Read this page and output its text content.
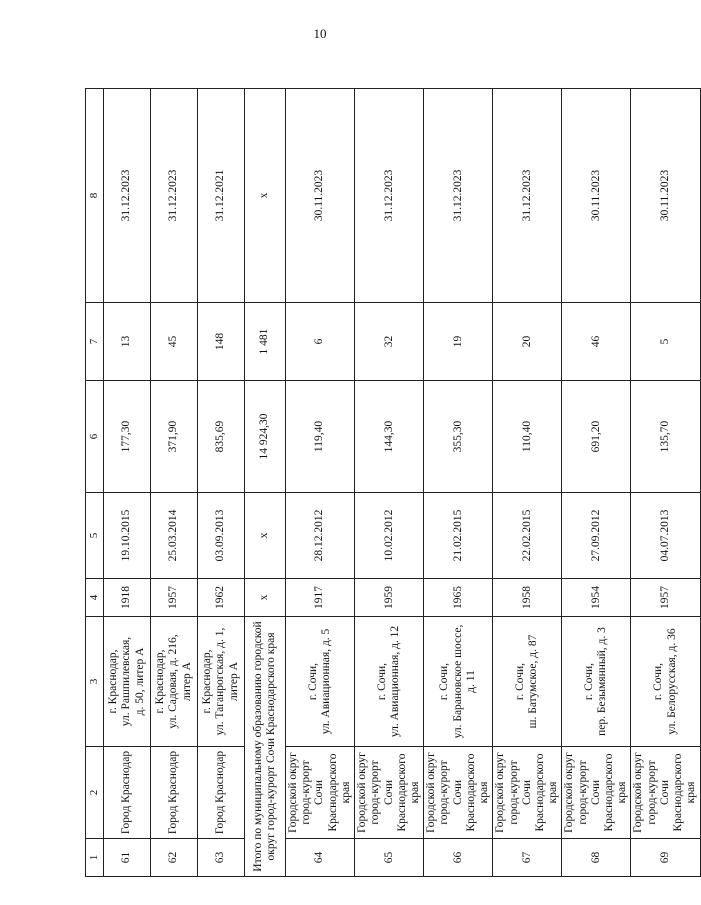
10
1	2	3	4	5	6	7	8
61	Город Краснодар	г. Краснодар, ул. Рашпилевская, д. 50, литер А	1918	19.10.2015	177,30	13	31.12.2023
62	Город Краснодар	г. Краснодар, ул. Садовая, д. 216, литер А	1957	25.03.2014	371,90	45	31.12.2023
63	Город Краснодар	г. Краснодар, ул. Таганрогская, д. 1, литер А	1962	03.09.2013	835,69	148	31.12.2021
Итого по муниципальному образованию городской округ город-курорт Сочи Краснодарского края			х	х	14 924,30	1 481	х
64	Городской округ город-курорт Сочи Краснодарского края	г. Сочи, ул. Авиационная, д. 5	1917	28.12.2012	119,40	6	30.11.2023
65	Городской округ город-курорт Сочи Краснодарского края	г. Сочи, ул. Авиационная, д. 12	1959	10.02.2012	144,30	32	31.12.2023
66	Городской округ город-курорт Сочи Краснодарского края	г. Сочи, ул. Барановское шоссе, д. 11	1965	21.02.2015	355,30	19	31.12.2023
67	Городской округ город-курорт Сочи Краснодарского края	г. Сочи, ш. Батумское, д. 87	1958	22.02.2015	110,40	20	31.12.2023
68	Городской округ город-курорт Сочи Краснодарского края	г. Сочи, пер. Безымянный, д. 3	1954	27.09.2012	691,20	46	30.11.2023
69	Городской округ город-курорт Сочи Краснодарского края	г. Сочи, ул. Белорусская, д. 36	1957	04.07.2013	135,70	5	30.11.2023
